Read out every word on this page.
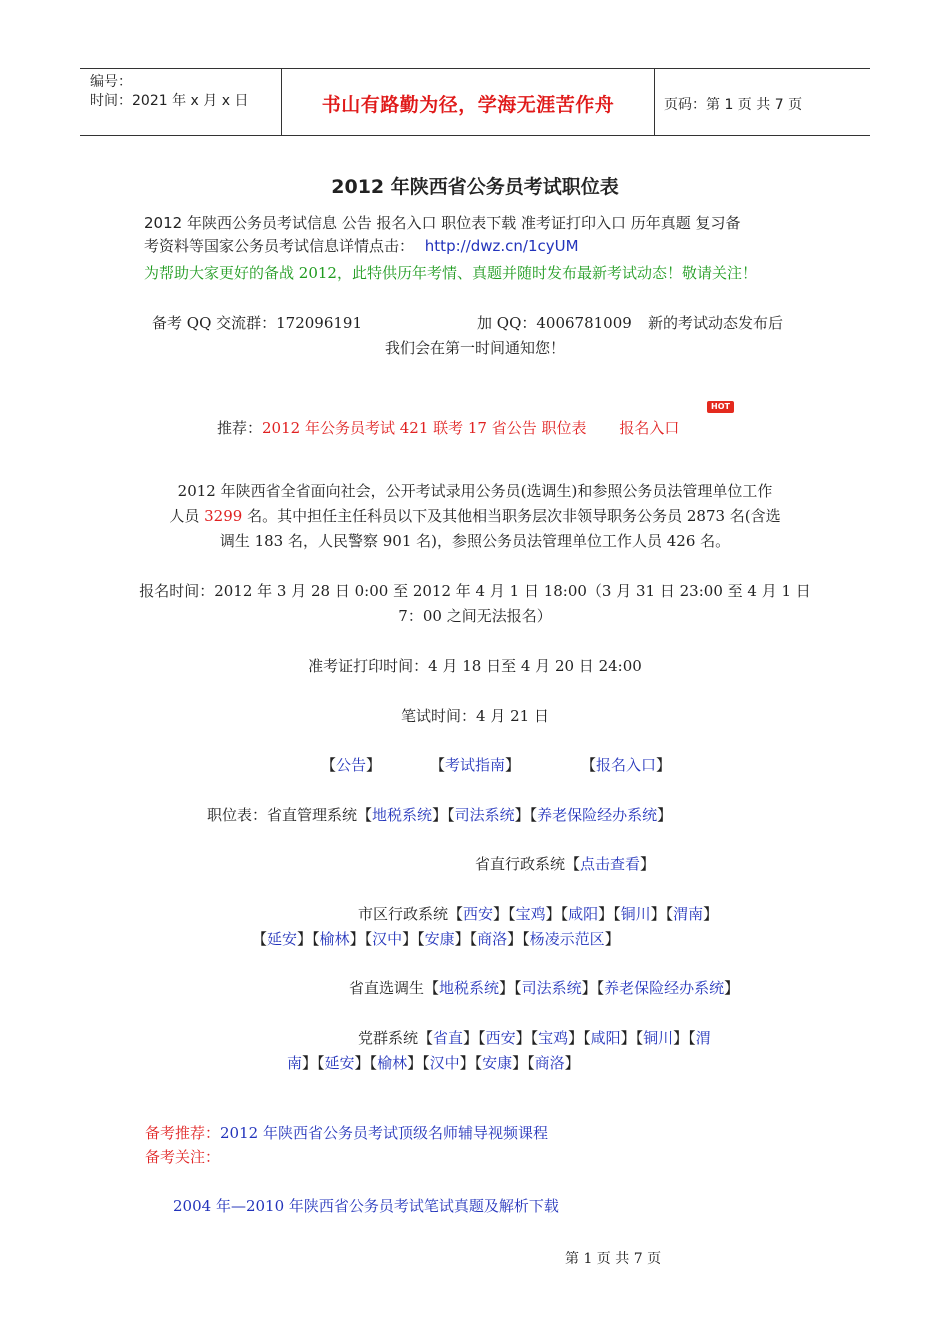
编号：
时间：2021 年 x 月 x 日	书山有路勤为径，学海无涯苦作舟	页码：第 1 页 共 7 页
2012 年陕西省公务员考试职位表
2012 年陕西公务员考试信息 公告 报名入口 职位表下载 准考证打印入口 历年真题 复习备
考资料等国家公务员考试信息详情点击： http://dwz.cn/1cyUM
为帮助大家更好的备战 2012，此特供历年考情、真题并随时发布最新考试动态！敬请关注！
备考 QQ 交流群：172096191	加 QQ：4006781009 新的考试动态发布后
我们会在第一时间通知您！
推荐：2012 年公务员考试 421 联考 17 省公告 职位表 报名入口
HOT
2012 年陕西省全省面向社会，公开考试录用公务员(选调生)和参照公务员法管理单位工作
人员 3299 名。其中担任主任科员以下及其他相当职务层次非领导职务公务员 2873 名(含选
调生 183 名，人民警察 901 名)，参照公务员法管理单位工作人员 426 名。
报名时间：2012 年 3 月 28 日 0:00 至 2012 年 4 月 1 日 18:00（3 月 31 日 23:00 至 4 月 1 日
7：00 之间无法报名）
准考证打印时间：4 月 18 日至 4 月 20 日 24:00
笔试时间：4 月 21 日
【公告】	【考试指南】	【报名入口】
职位表：省直管理系统【地税系统】【司法系统】【养老保险经办系统】
省直行政系统【点击查看】
市区行政系统【西安】【宝鸡】【咸阳】【铜川】【渭南】
【延安】【榆林】【汉中】【安康】【商洛】【杨凌示范区】
省直选调生【地税系统】【司法系统】【养老保险经办系统】
党群系统【省直】【西安】【宝鸡】【咸阳】【铜川】【渭
南】【延安】【榆林】【汉中】【安康】【商洛】
备考推荐：2012 年陕西省公务员考试顶级名师辅导视频课程
备考关注：
2004 年—2010 年陕西省公务员考试笔试真题及解析下载
第 1 页 共 7 页
